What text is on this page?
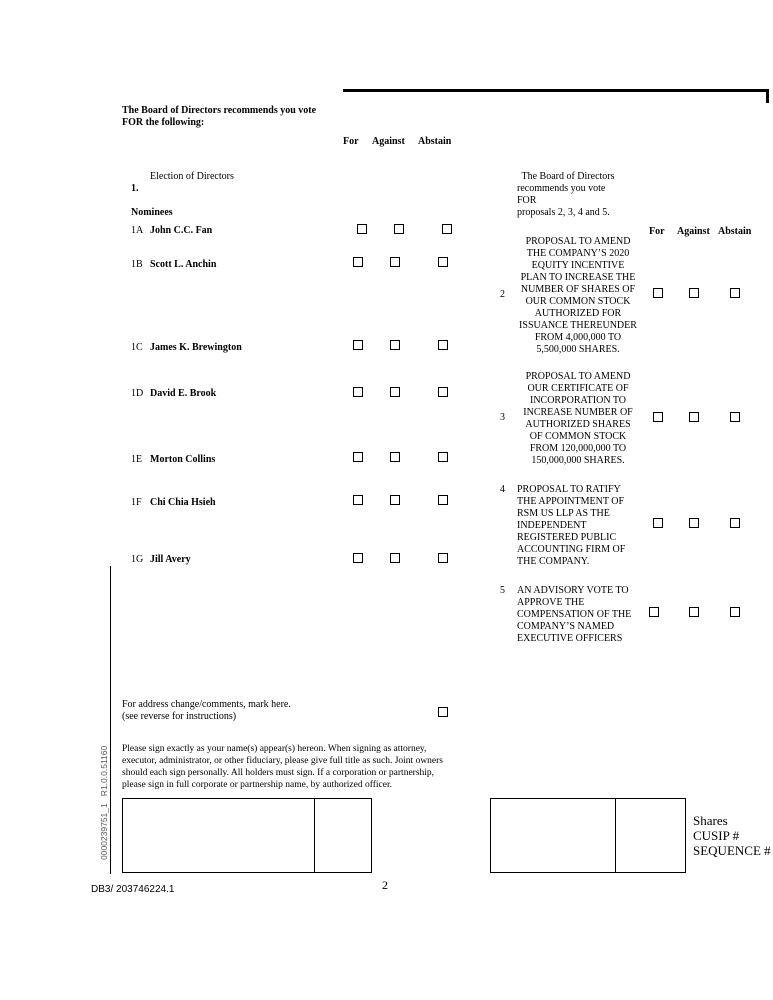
The Board of Directors recommends you vote
FOR the following:
For Against Abstain
Election of Directors
1.
Nominees
1A John C.C. Fan
1B Scott L. Anchin
1C James K. Brewington
1D David E. Brook
1E Morton Collins
1F Chi Chia Hsieh
1G Jill Avery
The Board of Directors
recommends you vote FOR
proposals 2, 3, 4 and 5.
For Against Abstain
2
PROPOSAL TO AMEND
THE COMPANY’S 2020
EQUITY INCENTIVE
PLAN TO INCREASE THE
NUMBER OF SHARES OF
OUR COMMON STOCK
AUTHORIZED FOR
ISSUANCE THEREUNDER
FROM 4,000,000 TO
5,500,000 SHARES.
3
PROPOSAL TO AMEND
OUR CERTIFICATE OF
INCORPORATION TO
INCREASE NUMBER OF
AUTHORIZED SHARES
OF COMMON STOCK
FROM 120,000,000 TO
150,000,000 SHARES.
4 PROPOSAL TO RATIFY
THE APPOINTMENT OF
RSM US LLP AS THE
INDEPENDENT
REGISTERED PUBLIC
ACCOUNTING FIRM OF
THE COMPANY.
5 AN ADVISORY VOTE TO
APPROVE THE
COMPENSATION OF THE
COMPANY’S NAMED
EXECUTIVE OFFICERS
0000239751_1   R1.0.0.51160
For address change/comments, mark here.
(see reverse for instructions)
Please sign exactly as your name(s) appear(s) hereon. When signing as attorney,
executor, administrator, or other fiduciary, please give full title as such. Joint owners
should each sign personally. All holders must sign. If a corporation or partnership,
please sign in full corporate or partnership name, by authorized officer.
Shares
CUSIP #
SEQUENCE #
DB3/ 203746224.1	2
